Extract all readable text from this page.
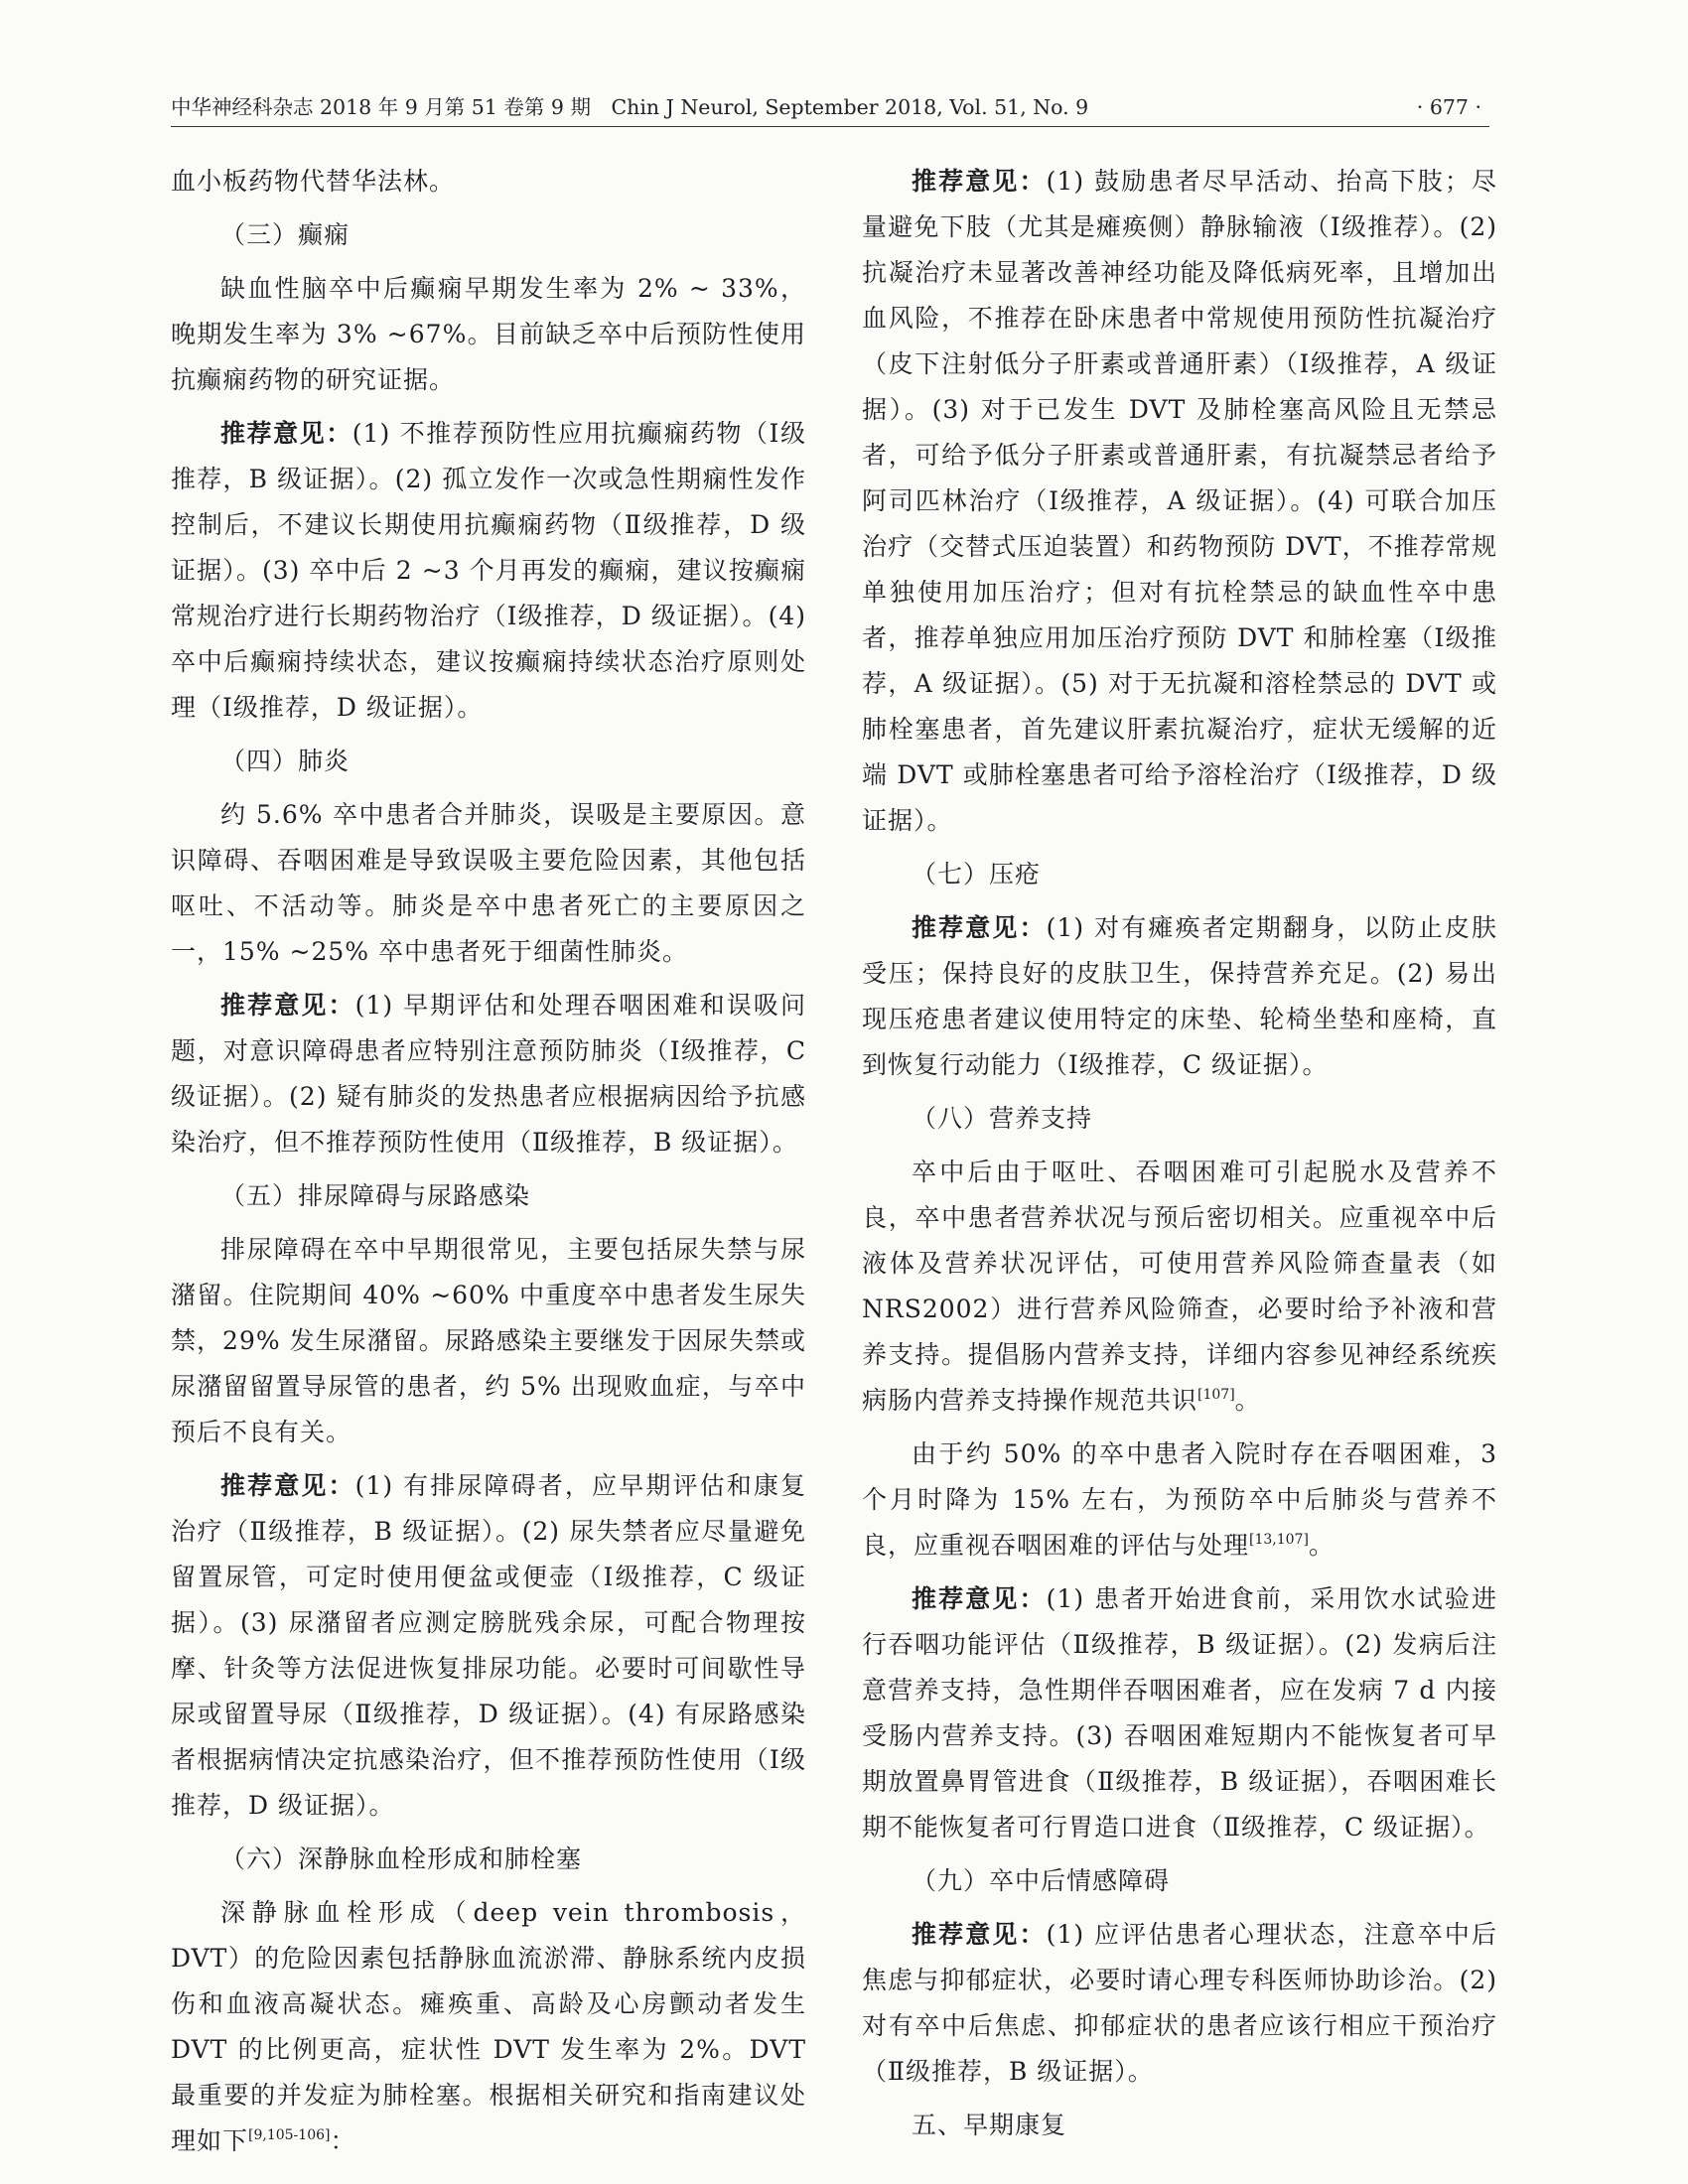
中华神经科杂志 2018 年 9 月第 51 卷第 9 期　Chin J Neurol, September 2018, Vol. 51, No. 9	· 677 ·

血小板药物代替华法林。

（三）癫痫

缺血性脑卒中后癫痫早期发生率为 2% ~ 33%，晚期发生率为 3% ~67%。目前缺乏卒中后预防性使用抗癫痫药物的研究证据。

推荐意见：(1) 不推荐预防性应用抗癫痫药物（Ⅰ级推荐，B 级证据）。(2) 孤立发作一次或急性期痫性发作控制后，不建议长期使用抗癫痫药物（Ⅱ级推荐，D 级证据）。(3) 卒中后 2 ~3 个月再发的癫痫，建议按癫痫常规治疗进行长期药物治疗（Ⅰ级推荐，D 级证据）。(4) 卒中后癫痫持续状态，建议按癫痫持续状态治疗原则处理（Ⅰ级推荐，D 级证据）。

（四）肺炎

约 5.6% 卒中患者合并肺炎，误吸是主要原因。意识障碍、吞咽困难是导致误吸主要危险因素，其他包括呕吐、不活动等。肺炎是卒中患者死亡的主要原因之一，15% ~25% 卒中患者死于细菌性肺炎。

推荐意见：(1) 早期评估和处理吞咽困难和误吸问题，对意识障碍患者应特别注意预防肺炎（Ⅰ级推荐，C 级证据）。(2) 疑有肺炎的发热患者应根据病因给予抗感染治疗，但不推荐预防性使用（Ⅱ级推荐，B 级证据）。

（五）排尿障碍与尿路感染

排尿障碍在卒中早期很常见，主要包括尿失禁与尿潴留。住院期间 40% ~60% 中重度卒中患者发生尿失禁，29% 发生尿潴留。尿路感染主要继发于因尿失禁或尿潴留留置导尿管的患者，约 5% 出现败血症，与卒中预后不良有关。

推荐意见：(1) 有排尿障碍者，应早期评估和康复治疗（Ⅱ级推荐，B 级证据）。(2) 尿失禁者应尽量避免留置尿管，可定时使用便盆或便壶（Ⅰ级推荐，C 级证据）。(3) 尿潴留者应测定膀胱残余尿，可配合物理按摩、针灸等方法促进恢复排尿功能。必要时可间歇性导尿或留置导尿（Ⅱ级推荐，D 级证据）。(4) 有尿路感染者根据病情决定抗感染治疗，但不推荐预防性使用（Ⅰ级推荐，D 级证据）。

（六）深静脉血栓形成和肺栓塞

深静脉血栓形成（deep vein thrombosis，DVT）的危险因素包括静脉血流淤滞、静脉系统内皮损伤和血液高凝状态。瘫痪重、高龄及心房颤动者发生 DVT 的比例更高，症状性 DVT 发生率为 2%。DVT 最重要的并发症为肺栓塞。根据相关研究和指南建议处理如下[9,105-106]：

推荐意见：(1) 鼓励患者尽早活动、抬高下肢；尽量避免下肢（尤其是瘫痪侧）静脉输液（Ⅰ级推荐）。(2) 抗凝治疗未显著改善神经功能及降低病死率，且增加出血风险，不推荐在卧床患者中常规使用预防性抗凝治疗（皮下注射低分子肝素或普通肝素）（Ⅰ级推荐，A 级证据）。(3) 对于已发生 DVT 及肺栓塞高风险且无禁忌者，可给予低分子肝素或普通肝素，有抗凝禁忌者给予阿司匹林治疗（Ⅰ级推荐，A 级证据）。(4) 可联合加压治疗（交替式压迫装置）和药物预防 DVT，不推荐常规单独使用加压治疗；但对有抗栓禁忌的缺血性卒中患者，推荐单独应用加压治疗预防 DVT 和肺栓塞（Ⅰ级推荐，A 级证据）。(5) 对于无抗凝和溶栓禁忌的 DVT 或肺栓塞患者，首先建议肝素抗凝治疗，症状无缓解的近端 DVT 或肺栓塞患者可给予溶栓治疗（Ⅰ级推荐，D 级证据）。

（七）压疮

推荐意见：(1) 对有瘫痪者定期翻身，以防止皮肤受压；保持良好的皮肤卫生，保持营养充足。(2) 易出现压疮患者建议使用特定的床垫、轮椅坐垫和座椅，直到恢复行动能力（Ⅰ级推荐，C 级证据）。

（八）营养支持

卒中后由于呕吐、吞咽困难可引起脱水及营养不良，卒中患者营养状况与预后密切相关。应重视卒中后液体及营养状况评估，可使用营养风险筛查量表（如 NRS2002）进行营养风险筛查，必要时给予补液和营养支持。提倡肠内营养支持，详细内容参见神经系统疾病肠内营养支持操作规范共识[107]。

由于约 50% 的卒中患者入院时存在吞咽困难，3 个月时降为 15% 左右，为预防卒中后肺炎与营养不良，应重视吞咽困难的评估与处理[13,107]。

推荐意见：(1) 患者开始进食前，采用饮水试验进行吞咽功能评估（Ⅱ级推荐，B 级证据）。(2) 发病后注意营养支持，急性期伴吞咽困难者，应在发病 7 d 内接受肠内营养支持。(3) 吞咽困难短期内不能恢复者可早期放置鼻胃管进食（Ⅱ级推荐，B 级证据），吞咽困难长期不能恢复者可行胃造口进食（Ⅱ级推荐，C 级证据）。

（九）卒中后情感障碍

推荐意见：(1) 应评估患者心理状态，注意卒中后焦虑与抑郁症状，必要时请心理专科医师协助诊治。(2) 对有卒中后焦虑、抑郁症状的患者应该行相应干预治疗（Ⅱ级推荐，B 级证据）。

五、早期康复
